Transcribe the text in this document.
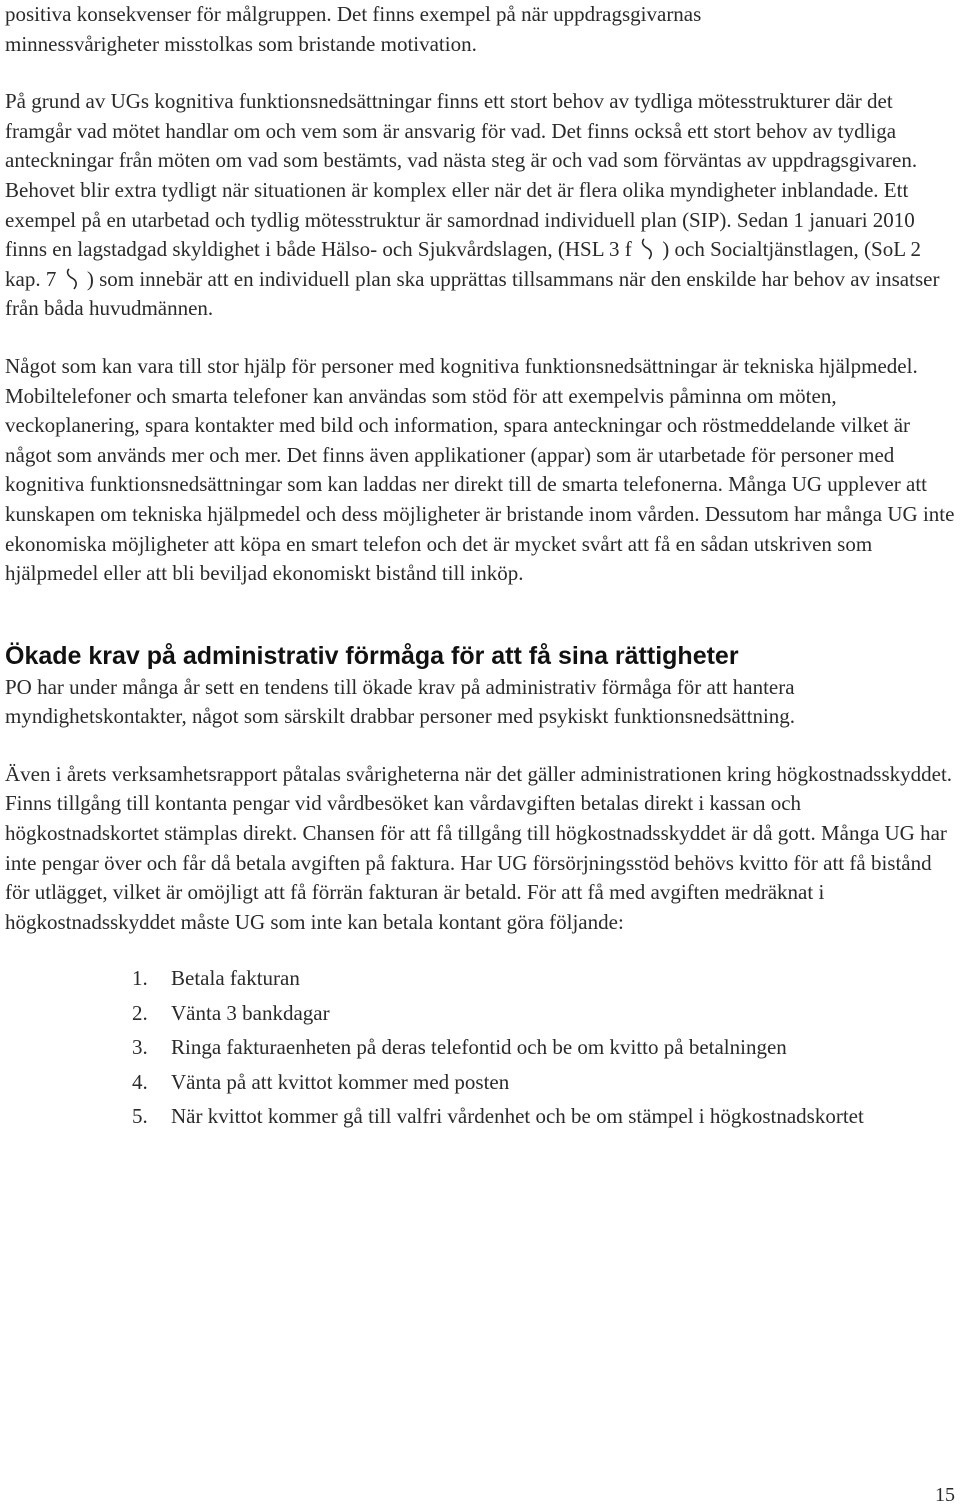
positiva konsekvenser för målgruppen. Det finns exempel på när uppdragsgivarnas
minnessvårigheter misstolkas som bristande motivation.

På grund av UGs kognitiva funktionsnedsättningar finns ett stort behov av tydliga mötesstrukturer där det framgår vad mötet handlar om och vem som är ansvarig för vad. Det finns också ett stort behov av tydliga anteckningar från möten om vad som bestämts, vad nästa steg är och vad som förväntas av uppdragsgivaren. Behovet blir extra tydligt när situationen är komplex eller när det är flera olika myndigheter inblandade. Ett exempel på en utarbetad och tydlig mötesstruktur är samordnad individuell plan (SIP). Sedan 1 januari 2010 finns en lagstadgad skyldighet i både Hälso- och Sjukvårdslagen, (HSL 3 f ) och Socialtjänstlagen, (SoL 2 kap. 7 ) som innebär att en individuell plan ska upprättas tillsammans när den enskilde har behov av insatser från båda huvudmännen.

Något som kan vara till stor hjälp för personer med kognitiva funktionsnedsättningar är tekniska hjälpmedel. Mobiltelefoner och smarta telefoner kan användas som stöd för att exempelvis påminna om möten, veckoplanering, spara kontakter med bild och information, spara anteckningar och röstmeddelande vilket är något som används mer och mer. Det finns även applikationer (appar) som är utarbetade för personer med kognitiva funktionsnedsättningar som kan laddas ner direkt till de smarta telefonerna. Många UG upplever att kunskapen om tekniska hjälpmedel och dess möjligheter är bristande inom vården. Dessutom har många UG inte ekonomiska möjligheter att köpa en smart telefon och det är mycket svårt att få en sådan utskriven som hjälpmedel eller att bli beviljad ekonomiskt bistånd till inköp.

Ökade krav på administrativ förmåga för att få sina rättigheter

PO har under många år sett en tendens till ökade krav på administrativ förmåga för att hantera myndighetskontakter, något som särskilt drabbar personer med psykiskt funktionsnedsättning.

Även i årets verksamhetsrapport påtalas svårigheterna när det gäller administrationen kring högkostnadsskyddet. Finns tillgång till kontanta pengar vid vårdbesöket kan vårdavgiften betalas direkt i kassan och högkostnadskortet stämplas direkt. Chansen för att få tillgång till högkostnadsskyddet är då gott. Många UG har inte pengar över och får då betala avgiften på faktura. Har UG försörjningsstöd behövs kvitto för att få bistånd för utlägget, vilket är omöjligt att få förrän fakturan är betald. För att få med avgiften medräknat i högkostnadsskyddet måste UG som inte kan betala kontant göra följande:

1. Betala fakturan
2. Vänta 3 bankdagar
3. Ringa fakturaenheten på deras telefontid och be om kvitto på betalningen
4. Vänta på att kvittot kommer med posten
5. När kvittot kommer gå till valfri vårdenhet och be om stämpel i högkostnadskortet
15
